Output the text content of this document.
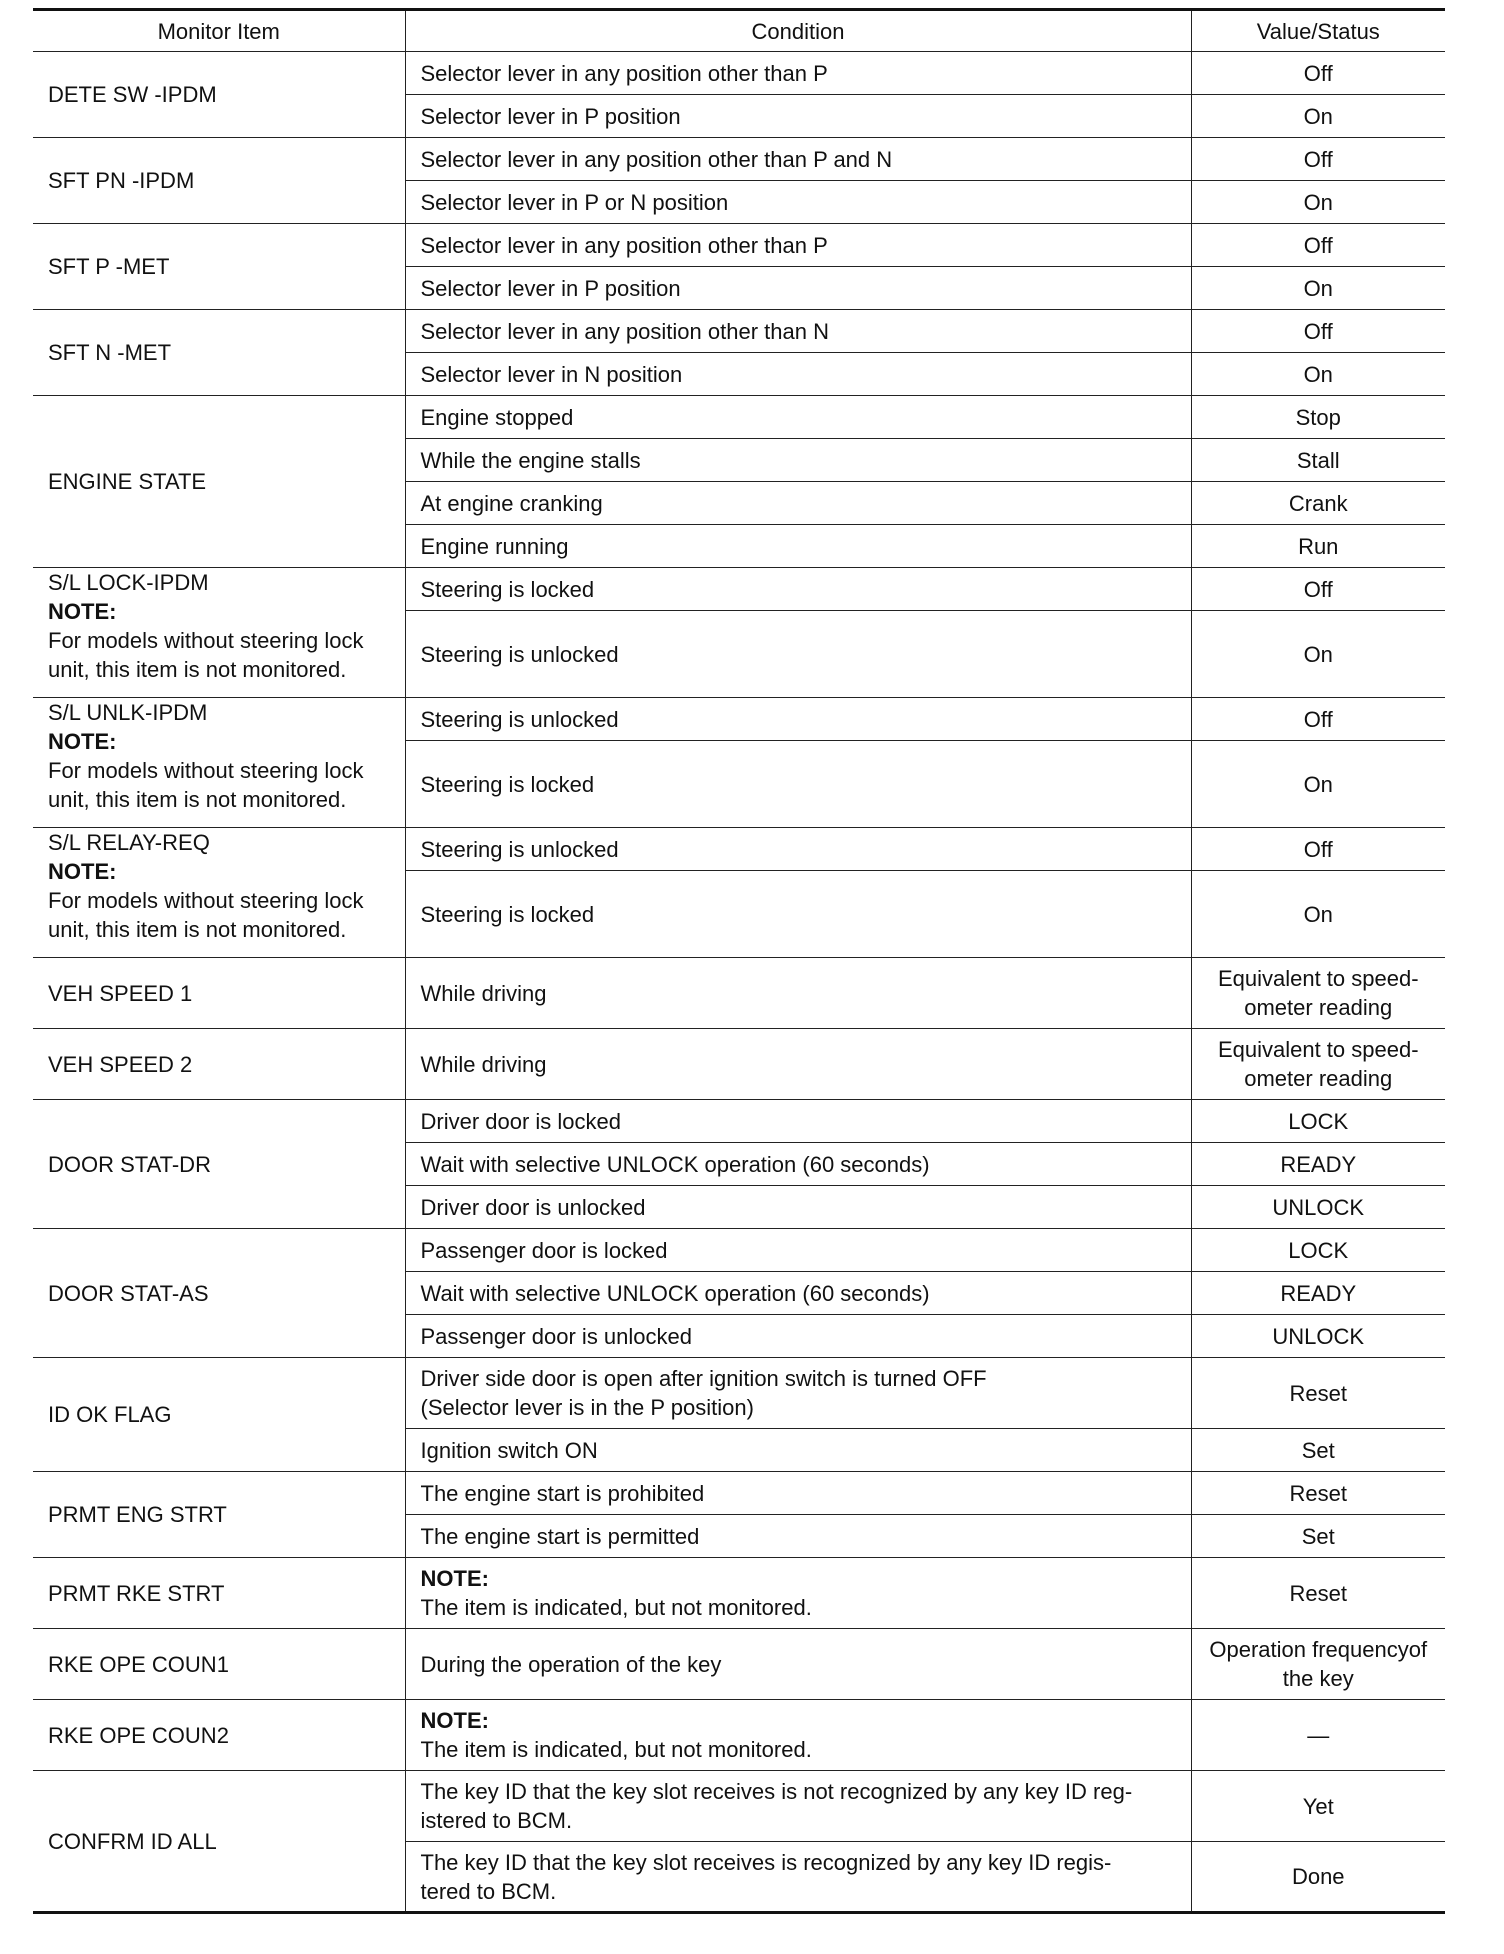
Monitor Item	Condition	Value/Status

DETE SW -IPDM	Selector lever in any position other than P	Off

	Selector lever in P position	On

SFT PN -IPDM	Selector lever in any position other than P and N	Off

	Selector lever in P or N position	On

SFT P -MET	Selector lever in any position other than P	Off

	Selector lever in P position	On

SFT N -MET	Selector lever in any position other than N	Off

	Selector lever in N position	On

ENGINE STATE	Engine stopped	Stop

	While the engine stalls	Stall

	At engine cranking	Crank

	Engine running	Run

S/L LOCK-IPDM
NOTE:
For models without steering lock
unit, this item is not monitored.	Steering is locked	Off

	Steering is unlocked	On

S/L UNLK-IPDM
NOTE:
For models without steering lock
unit, this item is not monitored.	Steering is unlocked	Off

	Steering is locked	On

S/L RELAY-REQ
NOTE:
For models without steering lock
unit, this item is not monitored.	Steering is unlocked	Off

	Steering is locked	On

VEH SPEED 1	While driving	Equivalent to speed-ometer reading

VEH SPEED 2	While driving	Equivalent to speed-ometer reading

DOOR STAT-DR	Driver door is locked	LOCK

	Wait with selective UNLOCK operation (60 seconds)	READY

	Driver door is unlocked	UNLOCK

DOOR STAT-AS	Passenger door is locked	LOCK

	Wait with selective UNLOCK operation (60 seconds)	READY

	Passenger door is unlocked	UNLOCK

ID OK FLAG	Driver side door is open after ignition switch is turned OFF
(Selector lever is in the P position)	Reset

	Ignition switch ON	Set

PRMT ENG STRT	The engine start is prohibited	Reset

	The engine start is permitted	Set

PRMT RKE STRT	NOTE:
The item is indicated, but not monitored.	Reset

RKE OPE COUN1	During the operation of the key	Operation frequencyof the key

RKE OPE COUN2	NOTE:
The item is indicated, but not monitored.	—

CONFRM ID ALL	The key ID that the key slot receives is not recognized by any key ID reg-
istered to BCM.	Yet

	The key ID that the key slot receives is recognized by any key ID regis-
tered to BCM.	Done
